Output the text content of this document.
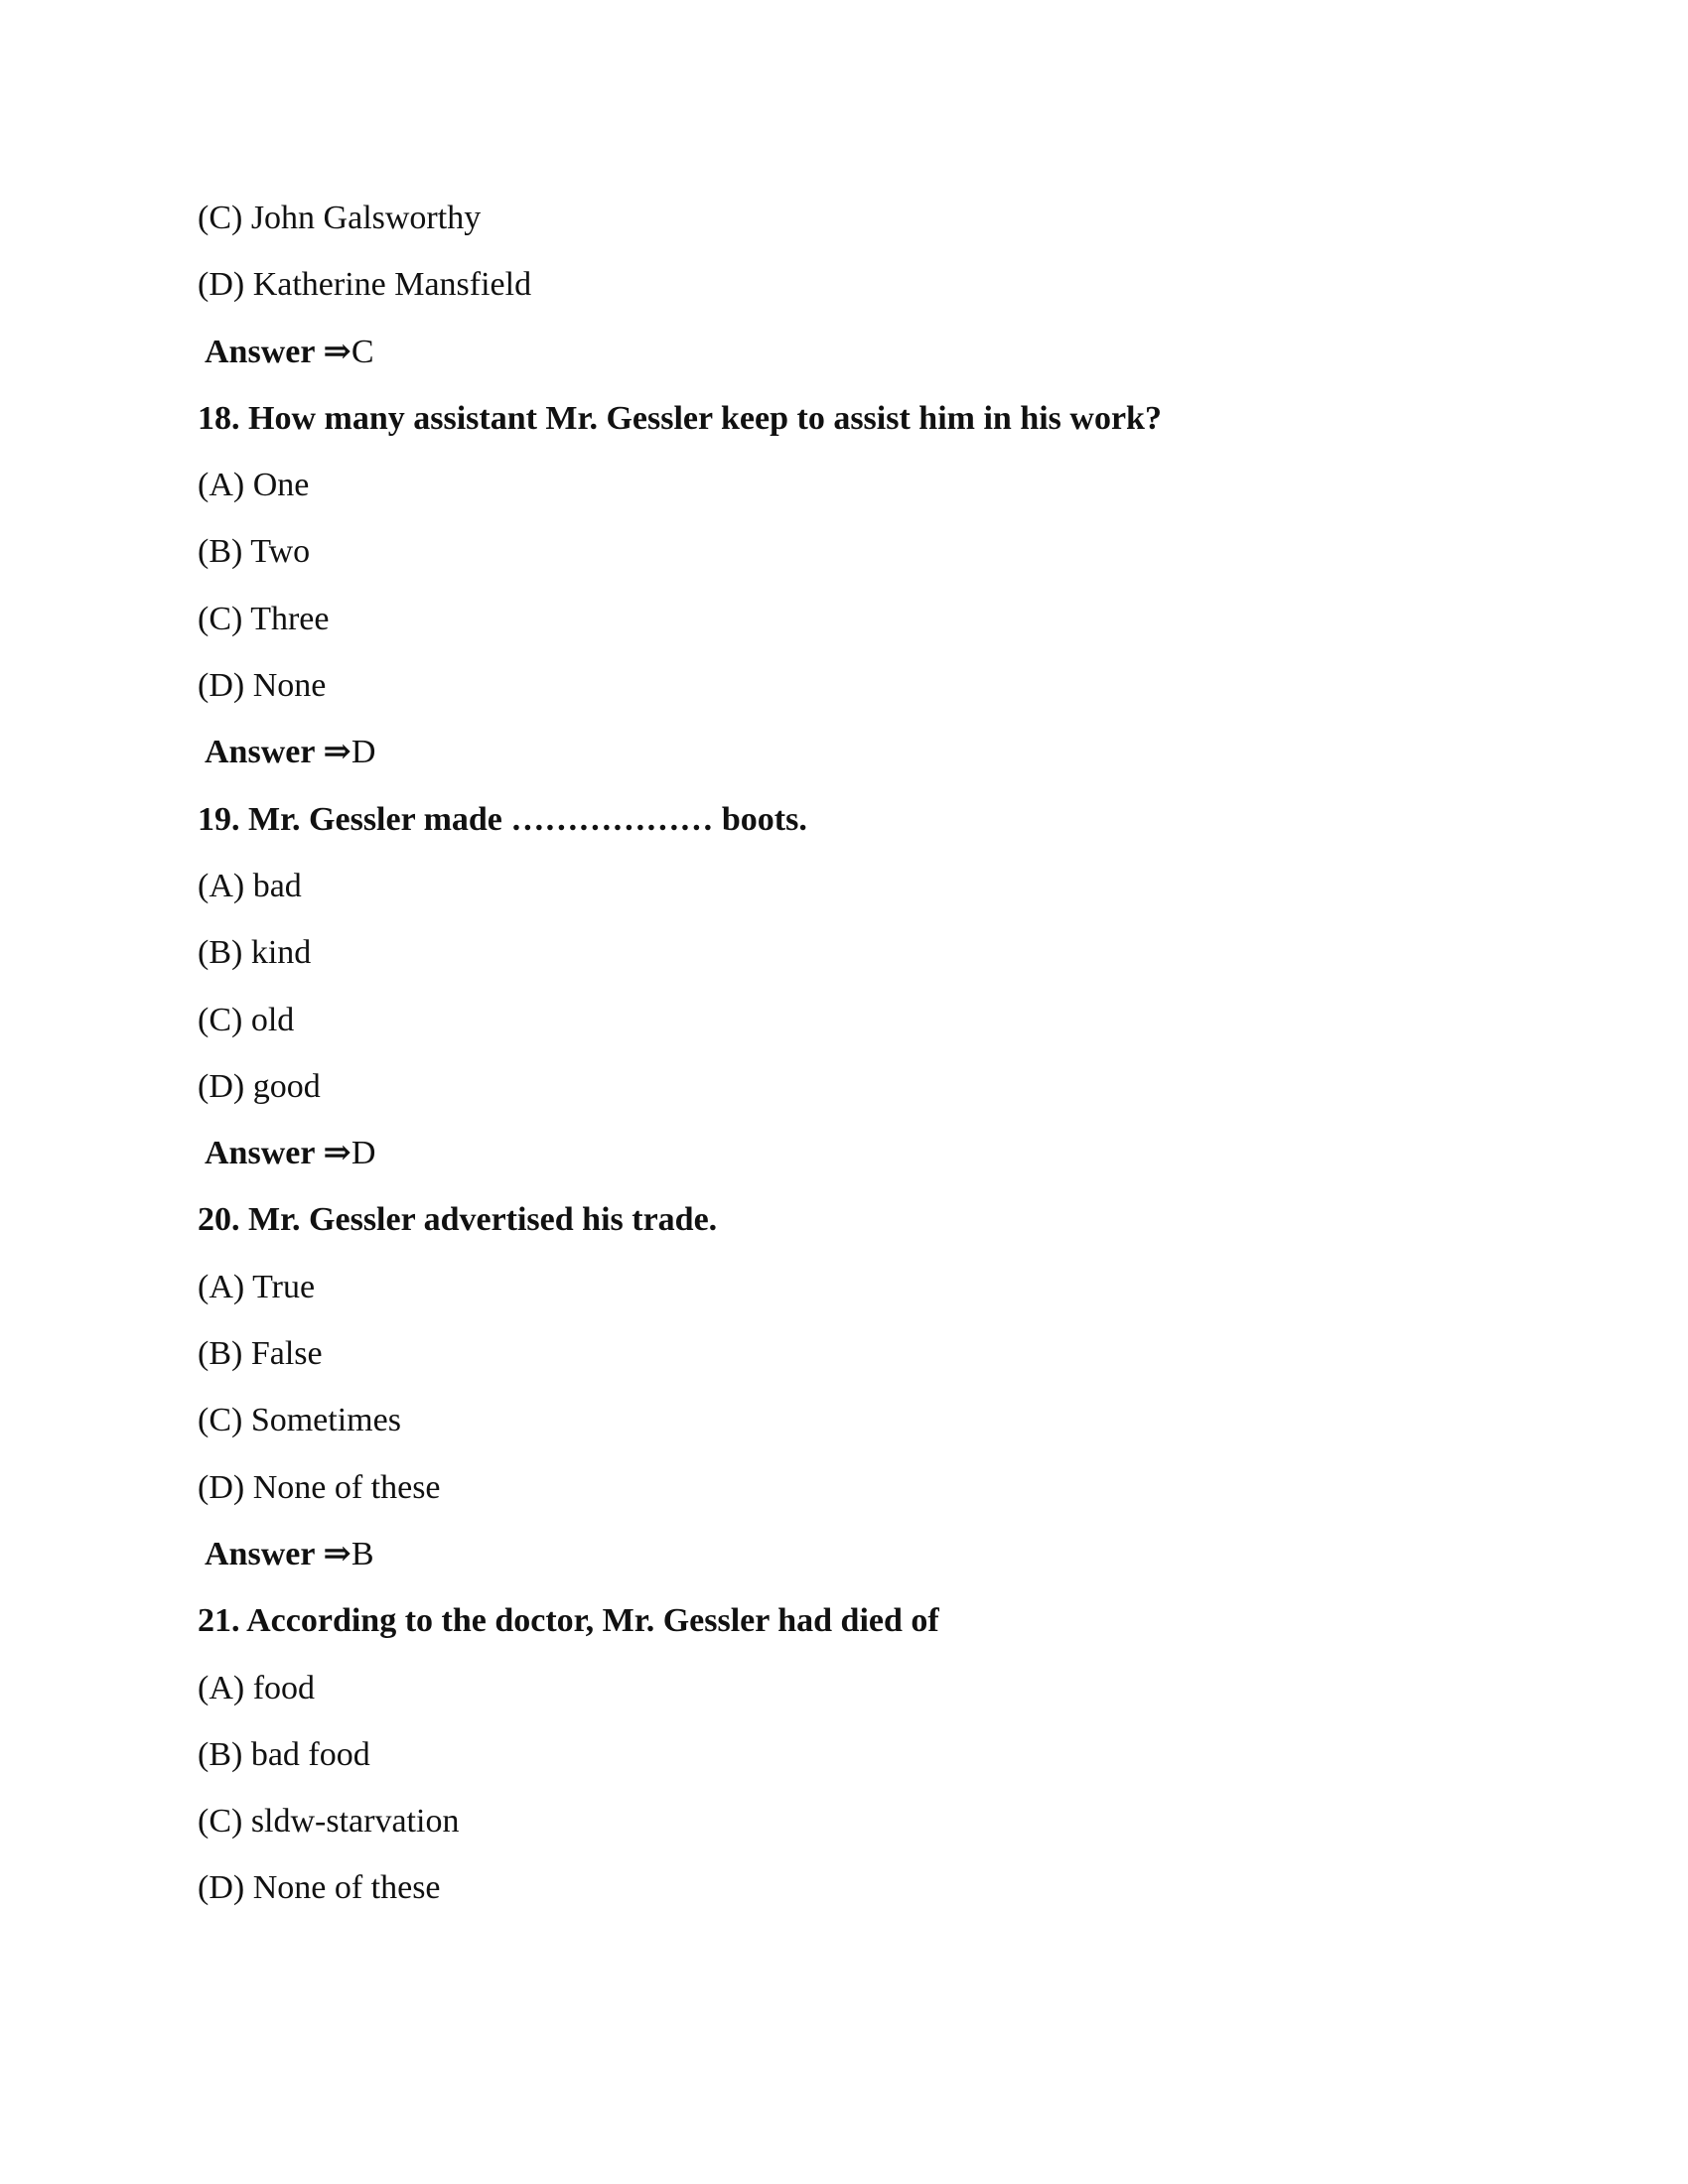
(C) John Galsworthy
(D) Katherine Mansfield
Answer ⇒C
18. How many assistant Mr. Gessler keep to assist him in his work?
(A) One
(B) Two
(C) Three
(D) None
Answer ⇒D
19. Mr. Gessler made ……………… boots.
(A) bad
(B) kind
(C) old
(D) good
Answer ⇒D
20. Mr. Gessler advertised his trade.
(A) True
(B) False
(C) Sometimes
(D) None of these
Answer ⇒B
21. According to the doctor, Mr. Gessler had died of
(A) food
(B) bad food
(C) sldw-starvation
(D) None of these
